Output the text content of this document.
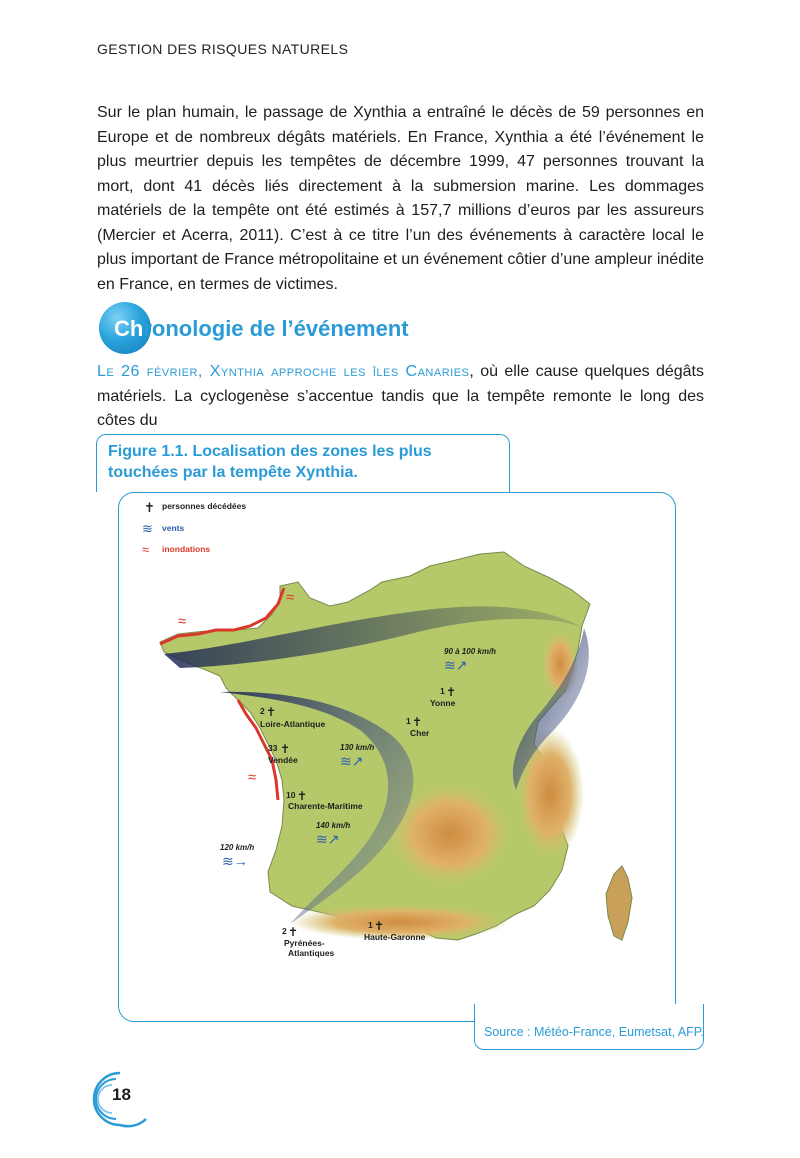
GESTION DES RISQUES NATURELS

Sur le plan humain, le passage de Xynthia a entraîné le décès de 59 personnes en Europe et de nombreux dégâts matériels. En France, Xynthia a été l’événement le plus meurtrier depuis les tempêtes de décembre 1999, 47 personnes trouvant la mort, dont 41 décès liés directement à la submersion marine. Les dommages matériels de la tempête ont été estimés à 157,7 millions d’euros par les assureurs (Mercier et Acerra, 2011). C’est à ce titre l’un des événements à caractère local le plus important de France métropolitaine et un événement côtier d’une ampleur inédite en France, en termes de victimes.

Chronologie de l’événement

Le 26 février, Xynthia approche les îles Canaries, où elle cause quelques dégâts matériels. La cyclogenèse s’accentue tandis que la tempête remonte le long des côtes du

Figure 1.1. Localisation des zones les plus touchées par la tempête Xynthia.
✝ personnes décédées
≋ vents
≈ inondations
≈
≈
≈
2 ✝
Loire-Atlantique
33 ✝
Vendée
10 ✝
Charente-Maritime
1 ✝
Yonne
1 ✝
Cher
1 ✝
Haute-Garonne
2 ✝
Pyrénées-
Atlantiques
90 à 100 km/h
≋↗
130 km/h
≋↗
140 km/h
≋↗
120 km/h
≋→
Source : Météo-France, Eumetsat, AFP.
18
